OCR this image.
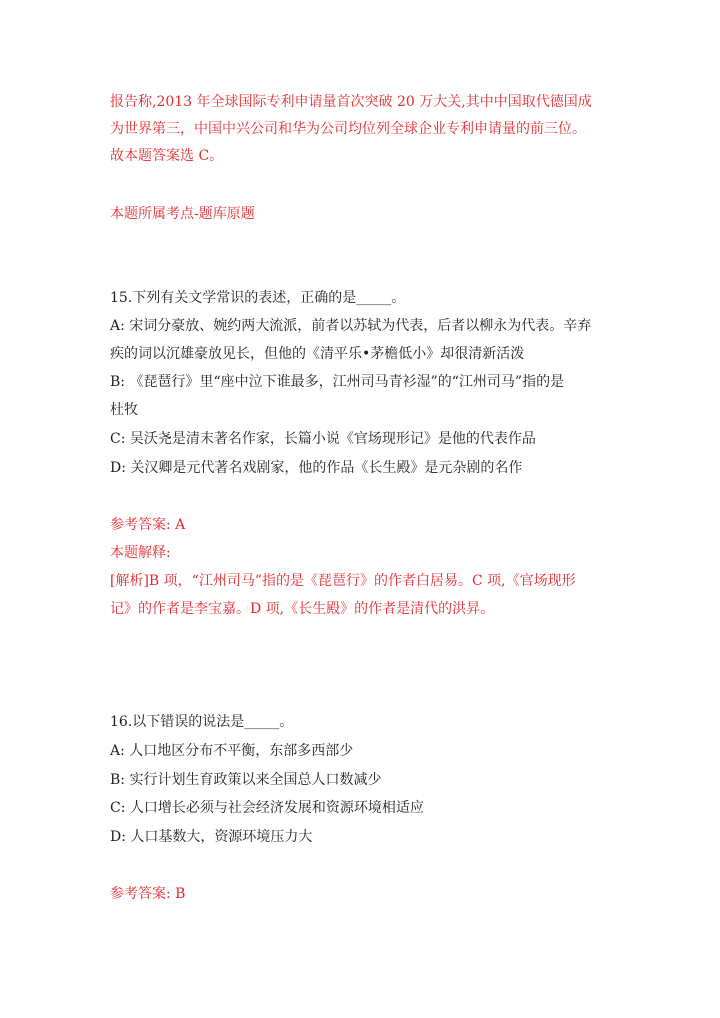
报告称,2013 年全球国际专利申请量首次突破 20 万大关,其中中国取代德国成
为世界第三，中国中兴公司和华为公司均位列全球企业专利申请量的前三位。
故本题答案选 C。
本题所属考点-题库原题
15.下列有关文学常识的表述，正确的是_____。
A: 宋词分豪放、婉约两大流派，前者以苏轼为代表，后者以柳永为代表。辛弃
疾的词以沉雄豪放见长，但他的《清平乐•茅檐低小》却很清新活泼
B: 《琵琶行》里“座中泣下谁最多，江州司马青衫湿”的“江州司马”指的是
杜牧
C: 吴沃尧是清末著名作家，长篇小说《官场现形记》是他的代表作品
D: 关汉卿是元代著名戏剧家，他的作品《长生殿》是元杂剧的名作
参考答案: A
本题解释:
[解析]B 项，“江州司马”指的是《琵琶行》的作者白居易。C 项,《官场现形
记》的作者是李宝嘉。D 项,《长生殿》的作者是清代的洪昇。
16.以下错误的说法是_____。
A: 人口地区分布不平衡，东部多西部少
B: 实行计划生育政策以来全国总人口数减少
C: 人口增长必须与社会经济发展和资源环境相适应
D: 人口基数大，资源环境压力大
参考答案: B
